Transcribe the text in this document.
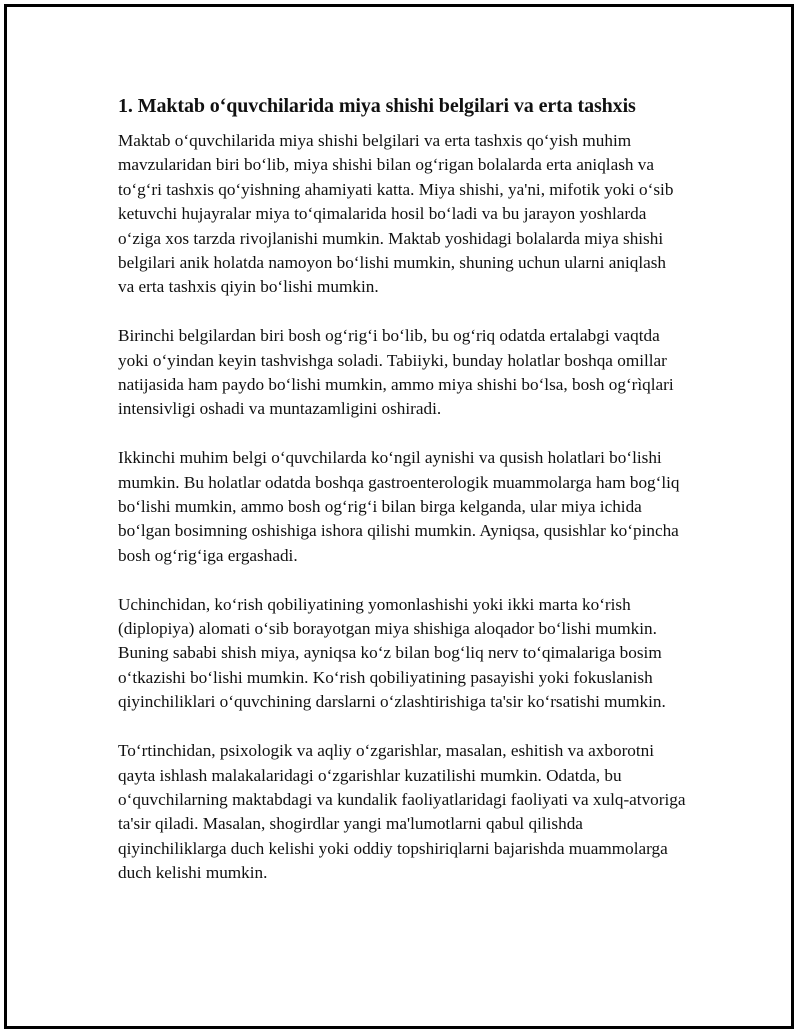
1. Maktab o‘quvchilarida miya shishi belgilari va erta tashxis

Maktab o‘quvchilarida miya shishi belgilari va erta tashxis qo‘yish muhim mavzularidan biri bo‘lib, miya shishi bilan og‘rigan bolalarda erta aniqlash va to‘g‘ri tashxis qo‘yishning ahamiyati katta. Miya shishi, ya'ni, mifotik yoki o‘sib ketuvchi hujayralar miya to‘qimalarida hosil bo‘ladi va bu jarayon yoshlarda o‘ziga xos tarzda rivojlanishi mumkin. Maktab yoshidagi bolalarda miya shishi belgilari anik holatda namoyon bo‘lishi mumkin, shuning uchun ularni aniqlash va erta tashxis qiyin bo‘lishi mumkin.

Birinchi belgilardan biri bosh og‘rig‘i bo‘lib, bu og‘riq odatda ertalabgi vaqtda yoki o‘yindan keyin tashvishga soladi. Tabiiyki, bunday holatlar boshqa omillar natijasida ham paydo bo‘lishi mumkin, ammo miya shishi bo‘lsa, bosh og‘rìqlari intensivligi oshadi va muntazamligini oshiradi.

Ikkinchi muhim belgi o‘quvchilarda ko‘ngil aynishi va qusish holatlari bo‘lishi mumkin. Bu holatlar odatda boshqa gastroenterologik muammolarga ham bog‘liq bo‘lishi mumkin, ammo bosh og‘rig‘i bilan birga kelganda, ular miya ichida bo‘lgan bosimning oshishiga ishora qilishi mumkin. Ayniqsa, qusishlar ko‘pincha bosh og‘rig‘iga ergashadi.

Uchinchidan, ko‘rish qobiliyatining yomonlashishi yoki ikki marta ko‘rish (diplopiya) alomati o‘sib borayotgan miya shishiga aloqador bo‘lishi mumkin. Buning sababi shish miya, ayniqsa ko‘z bilan bog‘liq nerv to‘qimalariga bosim o‘tkazishi bo‘lishi mumkin. Ko‘rish qobiliyatining pasayishi yoki fokuslanish qiyinchiliklari o‘quvchining darslarni o‘zlashtirishiga ta'sir ko‘rsatishi mumkin.

To‘rtinchidan, psixologik va aqliy o‘zgarishlar, masalan, eshitish va axborotni qayta ishlash malakalaridagi o‘zgarishlar kuzatilishi mumkin. Odatda, bu o‘quvchilarning maktabdagi va kundalik faoliyatlaridagi faoliyati va xulq-atvoriga ta'sir qiladi. Masalan, shogirdlar yangi ma'lumotlarni qabul qilishda qiyinchiliklarga duch kelishi yoki oddiy topshiriqlarni bajarishda muammolarga duch kelishi mumkin.
